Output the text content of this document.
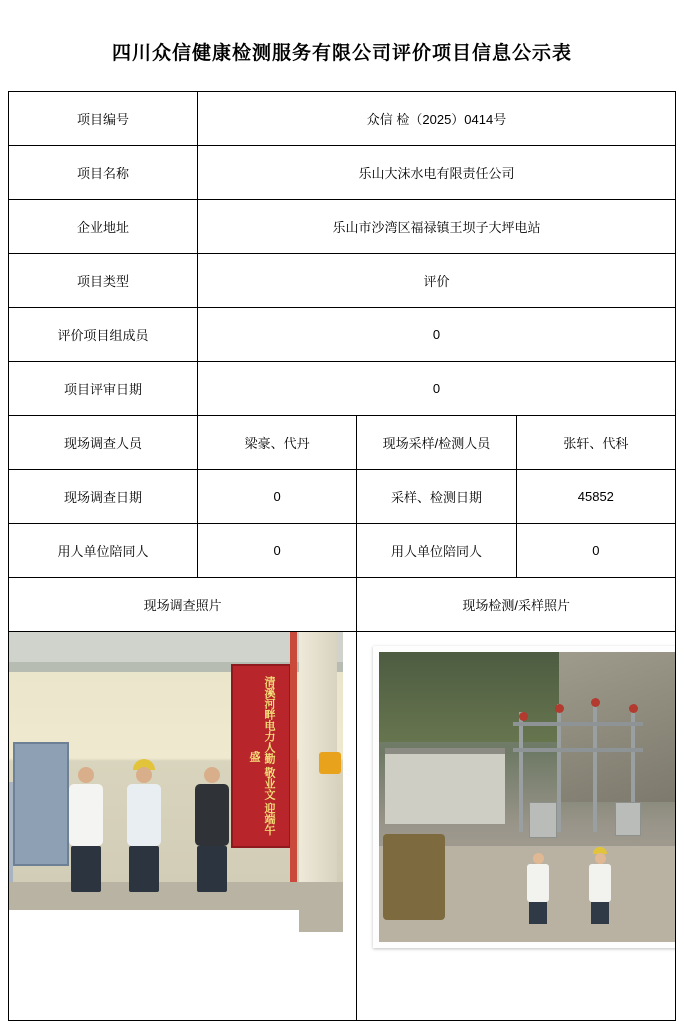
四川众信健康检测服务有限公司评价项目信息公示表
项目编号	众信 检（2025）0414号		
项目名称	乐山大沫水电有限责任公司		
企业地址	乐山市沙湾区福禄镇王坝子大坪电站		
项目类型	评价		
评价项目组成员	0		
项目评审日期	0		
现场调查人员	梁豪、代丹	现场采样/检测人员	张轩、代科
现场调查日期	0	采样、检测日期	45852
用人单位陪同人	0	用人单位陪同人	0
现场调查照片		现场检测/采样照片	

清溪河畔电力人勤 敬业文 迎端午盛			
